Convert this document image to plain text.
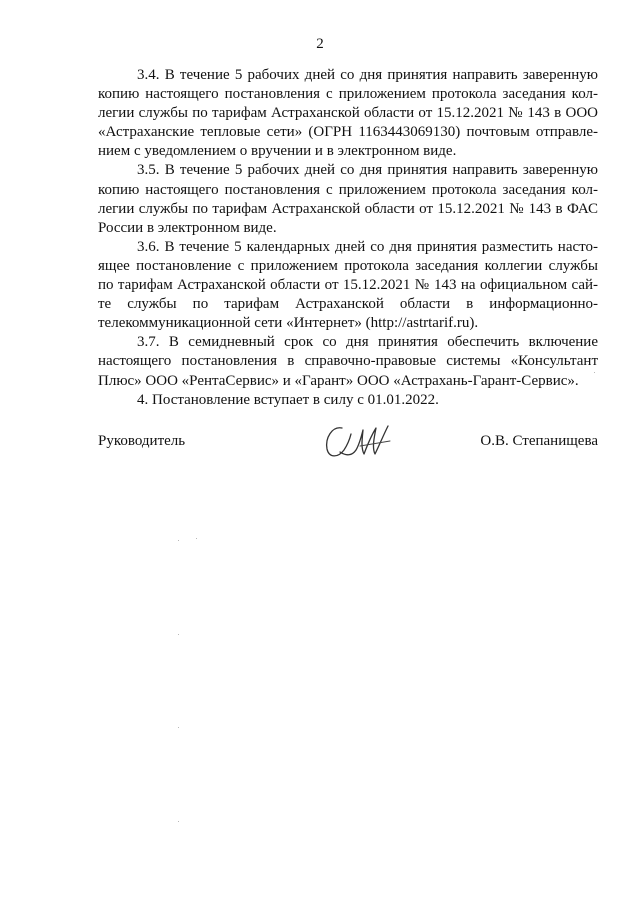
2

3.4. В течение 5 рабочих дней со дня принятия направить заверенную копию настоящего постановления с приложением протокола заседания коллегии службы по тарифам Астраханской области от 15.12.2021 № 143 в ООО «Астраханские тепловые сети» (ОГРН 1163443069130) почтовым отправлением с уведомлением о вручении и в электронном виде.

3.5. В течение 5 рабочих дней со дня принятия направить заверенную копию настоящего постановления с приложением протокола заседания коллегии службы по тарифам Астраханской области от 15.12.2021 № 143 в ФАС России в электронном виде.

3.6. В течение 5 календарных дней со дня принятия разместить настоящее постановление с приложением протокола заседания коллегии службы по тарифам Астраханской области от 15.12.2021 № 143 на официальном сайте службы по тарифам Астраханской области в информационно-телекоммуникационной сети «Интернет» (http://astrtarif.ru).

3.7. В семидневный срок со дня принятия обеспечить включение настоящего постановления в справочно-правовые системы «Консультант Плюс» ООО «РентаСервис» и «Гарант» ООО «Астрахань-Гарант-Сервис».

4. Постановление вступает в силу с 01.01.2022.

Руководитель	О.В. Степанищева
